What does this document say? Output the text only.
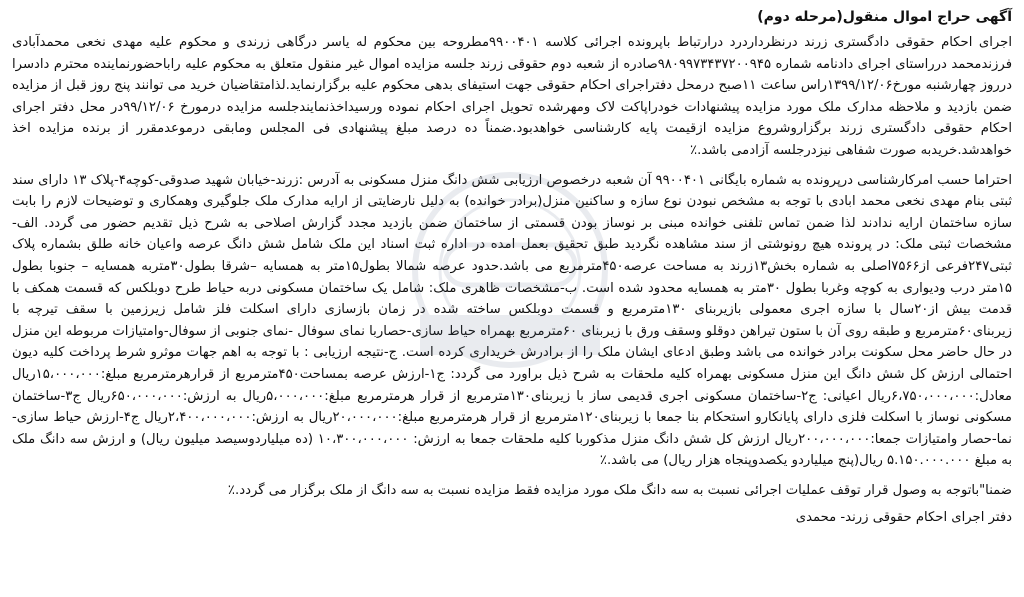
آگهی حراج اموال منقول(مرحله دوم)

اجرای احکام حقوقی دادگستری زرند درنظرداردرد درارتباط باپرونده اجرائی کلاسه ۹۹۰۰۴۰۱مطروحه بین محکوم له یاسر درگاهی زرندی و محکوم علیه مهدی نخعی محمدآبادی فرزندمحمد درراستای اجرای دادنامه شماره ۹۸۰۹۹۷۳۴۳۷۲۰۰۹۴۵صادره از شعبه دوم حقوقی زرند جلسه مزایده اموال غیر منقول متعلق به محکوم علیه راباحضورنماینده محترم دادسرا درروز چهارشنبه مورخ۱۳۹۹/۱۲/۰۶راس ساعت ۱۱صبح درمحل دفتراجرای احکام حقوقی جهت استیفای بدهی محکوم علیه برگزارنماید.لذامتقاضیان خرید می توانند پنج روز قبل از مزایده ضمن بازدید و ملاحظه مدارک ملک مورد مزایده پیشنهادات خودراپاکت لاک ومهرشده تحویل اجرای احکام نموده ورسیداخذنمایندجلسه مزایده درمورخ ۹۹/۱۲/۰۶در محل دفتر اجرای احکام حقوقی دادگستری زرند برگزاروشروع مزایده ازقیمت پایه کارشناسی خواهدبود.ضمناً ده درصد مبلغ پیشنهادی فی المجلس ومابقی درموعدمقرر از برنده مزایده اخذ خواهدشد.خریدبه صورت شفاهی نیزدرجلسه آزادمی باشد.٪

احتراما حسب امرکارشناسی درپرونده به شماره بایگانی ۹۹۰۰۴۰۱ آن شعبه درخصوص ارزیابی شش دانگ منزل مسکونی به آدرس :زرند-خیابان شهید صدوقی-کوچه۴-پلاک ۱۳ دارای سند ثبتی بنام مهدی نخعی محمد ابادی با توجه به مشخص نبودن نوع سازه و ساکنین منزل(برادر خوانده) به دلیل نارضایتی از ارایه مدارک ملک جلوگیری وهمکاری و توضیحات لازم را بابت سازه ساختمان ارایه ندادند لذا ضمن تماس تلفنی خوانده مبنی بر نوساز بودن قسمتی از ساختمان ضمن بازدید مجدد گزارش اصلاحی به شرح ذیل تقدیم حضور می گردد. الف-مشخصات ثبتی ملک: در پرونده هیچ رونوشتی از سند مشاهده نگردید طبق تحقیق بعمل امده در اداره ثبت اسناد این ملک شامل شش دانگ عرصه واعیان خانه طلق بشماره پلاک ثبتی۲۴۷فرعی از۷۵۶۶اصلی به شماره بخش۱۳زرند به مساحت عرصه۴۵۰مترمربع می باشد.حدود عرصه شمالا بطول۱۵متر به همسایه –شرقا بطول۳۰متربه همسایه – جنوبا بطول ۱۵متر درب ودیواری به کوچه وغربا بطول ۳۰متر به همسایه محدود شده است. ب-مشخصات ظاهری ملک: شامل یک ساختمان مسکونی دربه حیاط طرح دوبلکس که قسمت همکف با قدمت بیش از۲۰سال با سازه اجری معمولی بازیربنای ۱۳۰مترمربع و قسمت دوبلکس ساخته شده در زمان بازسازی دارای اسکلت فلز شامل زیرزمین با سقف تیرچه با زیربنای۶۰مترمربع و طبقه روی آن با ستون تیراهن دوقلو وسقف ورق با زیربنای ۶۰مترمربع بهمراه حیاط سازی-حصاربا نمای سوفال -نمای جنوبی از سوفال-وامتیازات مربوطه این منزل در حال حاضر محل سکونت برادر خوانده می باشد وطبق ادعای ایشان ملک را از برادرش خریداری کرده است. ج-نتیجه ارزیابی : با توجه به اهم جهات موثرو شرط پرداخت کلیه دیون احتمالی ارزش کل شش دانگ این منزل مسکونی بهمراه کلیه ملحقات به شرح ذیل براورد می گردد: ج۱-ارزش عرصه بمساحت۴۵۰مترمربع از قرارهرمترمربع مبلغ:۱۵،۰۰۰،۰۰۰ریال معادل:۶،۷۵۰،۰۰۰،۰۰۰ریال اعیانی: ج۲-ساختمان مسکونی اجری قدیمی ساز با زیربنای۱۳۰مترمربع از قرار هرمترمربع مبلغ:۵،۰۰۰،۰۰۰ریال به ارزش:۶۵۰،۰۰۰،۰۰۰ریال ج۳-ساختمان مسکونی نوساز با اسکلت فلزی دارای پایانکارو استحکام بنا جمعا با زیربنای۱۲۰مترمربع از قرار هرمترمربع مبلغ:۲۰،۰۰۰،۰۰۰ریال به ارزش:۲،۴۰۰،۰۰۰،۰۰۰ریال ج۴-ارزش حیاط سازی-نما-حصار وامتیازات جمعا:۲۰۰،۰۰۰،۰۰۰ریال ارزش کل شش دانگ منزل مذکوربا کلیه ملحقات جمعا به ارزش: ۱۰،۳۰۰،۰۰۰،۰۰۰ (ده میلیاردوسیصد میلیون ریال) و ارزش سه دانگ ملک به مبلغ ۵.۱۵۰.۰۰۰.۰۰۰ ریال(پنج میلیاردو یکصدوپنجاه هزار ریال) می باشد.٪

ضمنا"باتوجه به وصول قرار توقف عملیات اجرائی نسبت به سه دانگ ملک مورد مزایده فقط مزایده نسبت به سه دانگ از ملک برگزار می گردد.٪

دفتر اجرای احکام حقوقی زرند- محمدی
